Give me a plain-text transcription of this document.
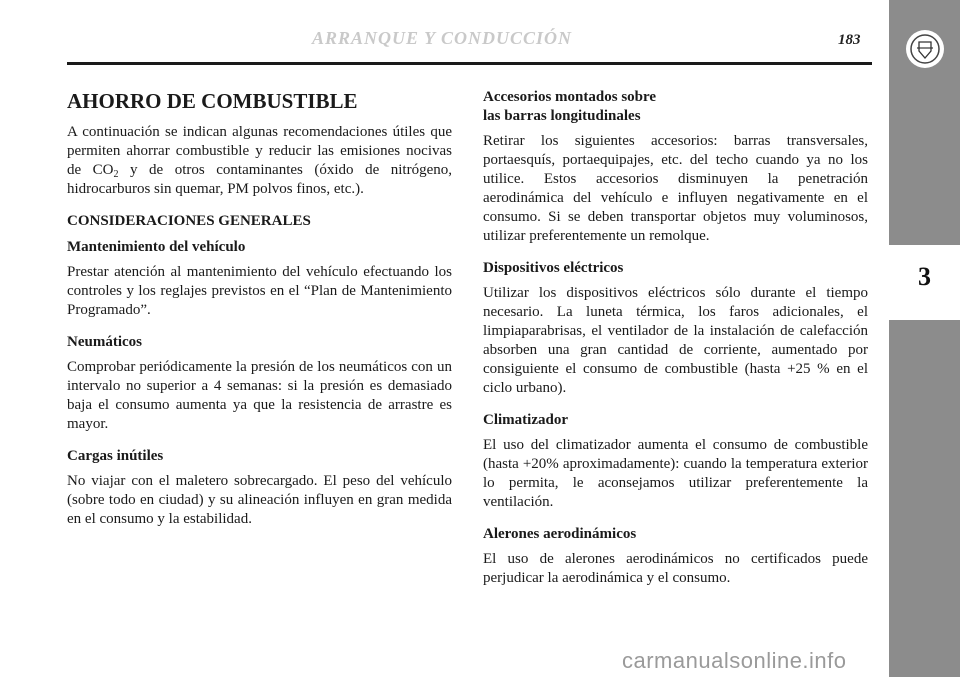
ARRANQUE Y CONDUCCIÓN	183
3
AHORRO DE COMBUSTIBLE

A continuación se indican algunas recomendaciones útiles que permiten ahorrar combustible y reducir las emisiones nocivas de $CO_2$ y de otros contaminantes (óxido de nitrógeno, hidrocarburos sin quemar, PM polvos finos, etc.).

CONSIDERACIONES GENERALES
Mantenimiento del vehículo

Prestar atención al mantenimiento del vehículo efectuando los controles y los reglajes previstos en el “Plan de Mantenimiento Programado”.

Neumáticos

Comprobar periódicamente la presión de los neumáticos con un intervalo no superior a 4 semanas: si la presión es demasiado baja el consumo aumenta ya que la resistencia de arrastre es mayor.

Cargas inútiles

No viajar con el maletero sobrecargado. El peso del vehículo (sobre todo en ciudad) y su alineación influyen en gran medida en el consumo y la estabilidad.

Accesorios montados sobre
las barras longitudinales

Retirar los siguientes accesorios: barras transversales, portaesquís, portaequipajes, etc. del techo cuando ya no los utilice. Estos accesorios disminuyen la penetración aerodinámica del vehículo e influyen negativamente en el consumo. Si se deben transportar objetos muy voluminosos, utilizar preferentemente un remolque.

Dispositivos eléctricos

Utilizar los dispositivos eléctricos sólo durante el tiempo necesario. La luneta térmica, los faros adicionales, el limpiaparabrisas, el ventilador de la instalación de calefacción absorben una gran cantidad de corriente, aumentado por consiguiente el consumo de combustible (hasta +25 % en el ciclo urbano).

Climatizador

El uso del climatizador aumenta el consumo de combustible (hasta +20% aproximadamente): cuando la temperatura exterior lo permita, le aconsejamos utilizar preferentemente la ventilación.

Alerones aerodinámicos

El uso de alerones aerodinámicos no certificados puede perjudicar la aerodinámica y el consumo.

carmanualsonline.info
